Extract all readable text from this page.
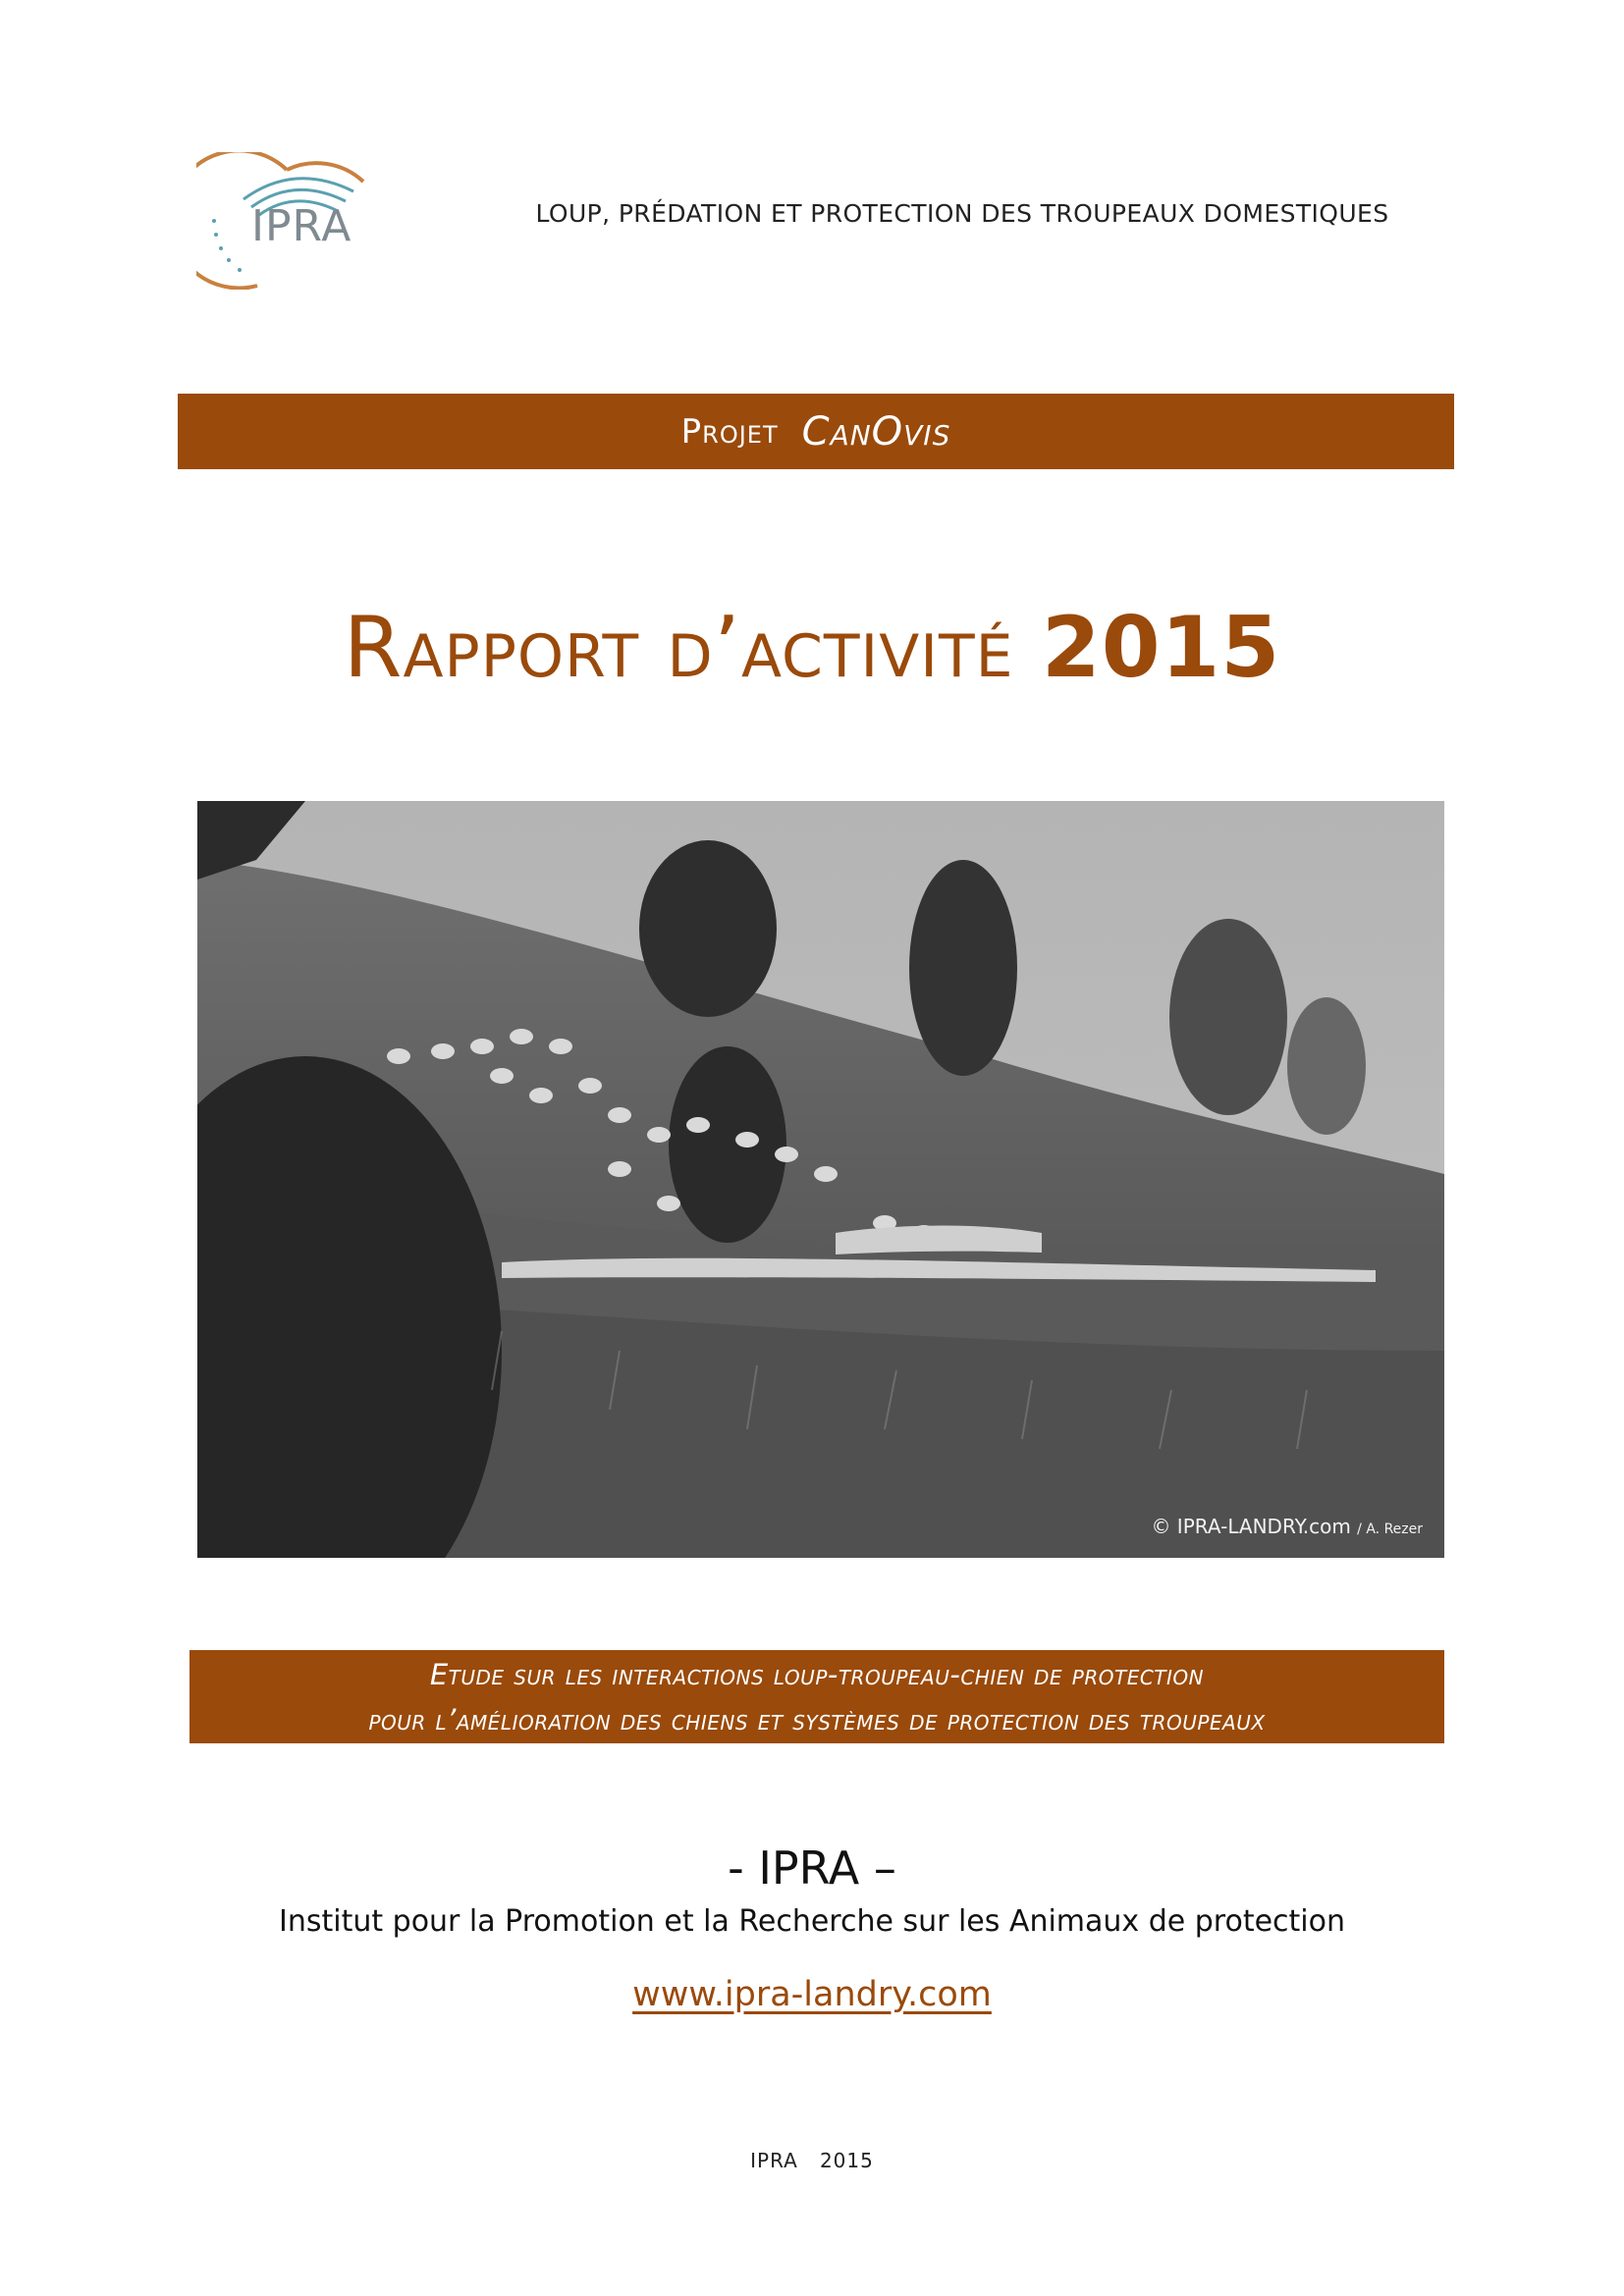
IPRA	LOUP, PRÉDATION ET PROTECTION DES TROUPEAUX DOMESTIQUES
Projet CanOvis
Rapport d’activité 2015
© IPRA-LANDRY.com / A. Rezer
Etude sur les interactions loup-troupeau-chien de protection
pour l’amélioration des chiens et systèmes de protection des troupeaux
- IPRA –
Institut pour la Promotion et la Recherche sur les Animaux de protection
www.ipra-landry.com
IPRA   2015
